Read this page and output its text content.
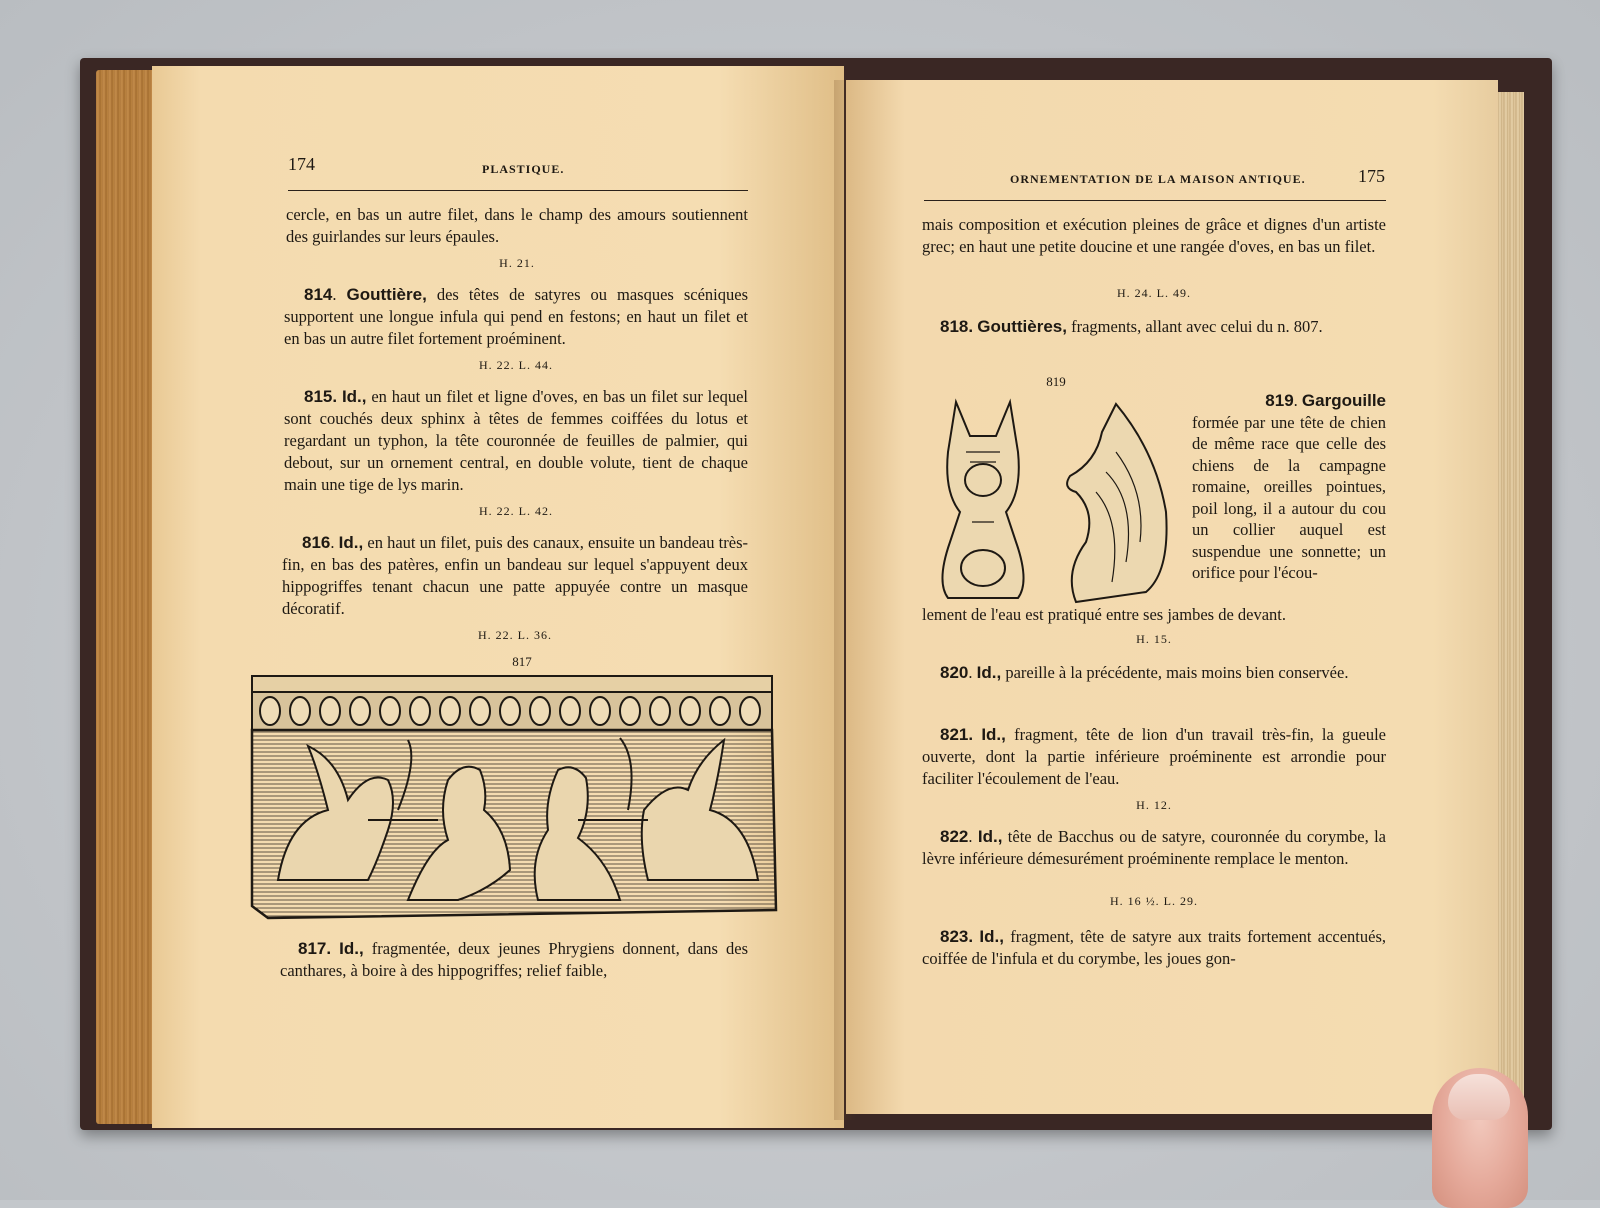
174	PLASTIQUE.
cercle, en bas un autre filet, dans le champ des amours soutiennent des guirlandes sur leurs épaules.
H. 21.

814. Gouttière, des têtes de satyres ou masques scéniques supportent une longue infula qui pend en festons; en haut un filet et en bas un autre filet fortement proéminent.

H. 22. L. 44.

815. Id., en haut un filet et ligne d'oves, en bas un filet sur lequel sont couchés deux sphinx à têtes de femmes coiffées du lotus et regardant un typhon, la tête couronnée de feuilles de palmier, qui debout, sur un ornement central, en double volute, tient de chaque main une tige de lys marin.

H. 22. L. 42.

816. Id., en haut un filet, puis des canaux, ensuite un bandeau très-fin, en bas des patères, enfin un bandeau sur lequel s'appuyent deux hippogriffes tenant chacun une patte appuyée contre un masque décoratif.

H. 22. L. 36.
817

817. Id., fragmentée, deux jeunes Phrygiens donnent, dans des canthares, à boire à des hippogriffes; relief faible,

ORNEMENTATION DE LA MAISON ANTIQUE.	175
mais composition et exécution pleines de grâce et dignes d'un artiste grec; en haut une petite doucine et une rangée d'oves, en bas un filet.
H. 24. L. 49.

818. Gouttières, fragments, allant avec celui du n. 807.

819

819. Gargouille

formée par une tête de chien de même race que celle des chiens de la campagne romaine, oreilles pointues, poil long, il a autour du cou un collier auquel est suspendue une sonnette; un orifice pour l'écou-

lement de l'eau est pratiqué entre ses jambes de devant.
H. 15.

820. Id., pareille à la précédente, mais moins bien conservée.

821. Id., fragment, tête de lion d'un travail très-fin, la gueule ouverte, dont la partie inférieure proéminente est arrondie pour faciliter l'écoulement de l'eau.

H. 12.

822. Id., tête de Bacchus ou de satyre, couronnée du corymbe, la lèvre inférieure démesurément proéminente remplace le menton.

H. 16 ½. L. 29.

823. Id., fragment, tête de satyre aux traits fortement accentués, coiffée de l'infula et du corymbe, les joues gon-
